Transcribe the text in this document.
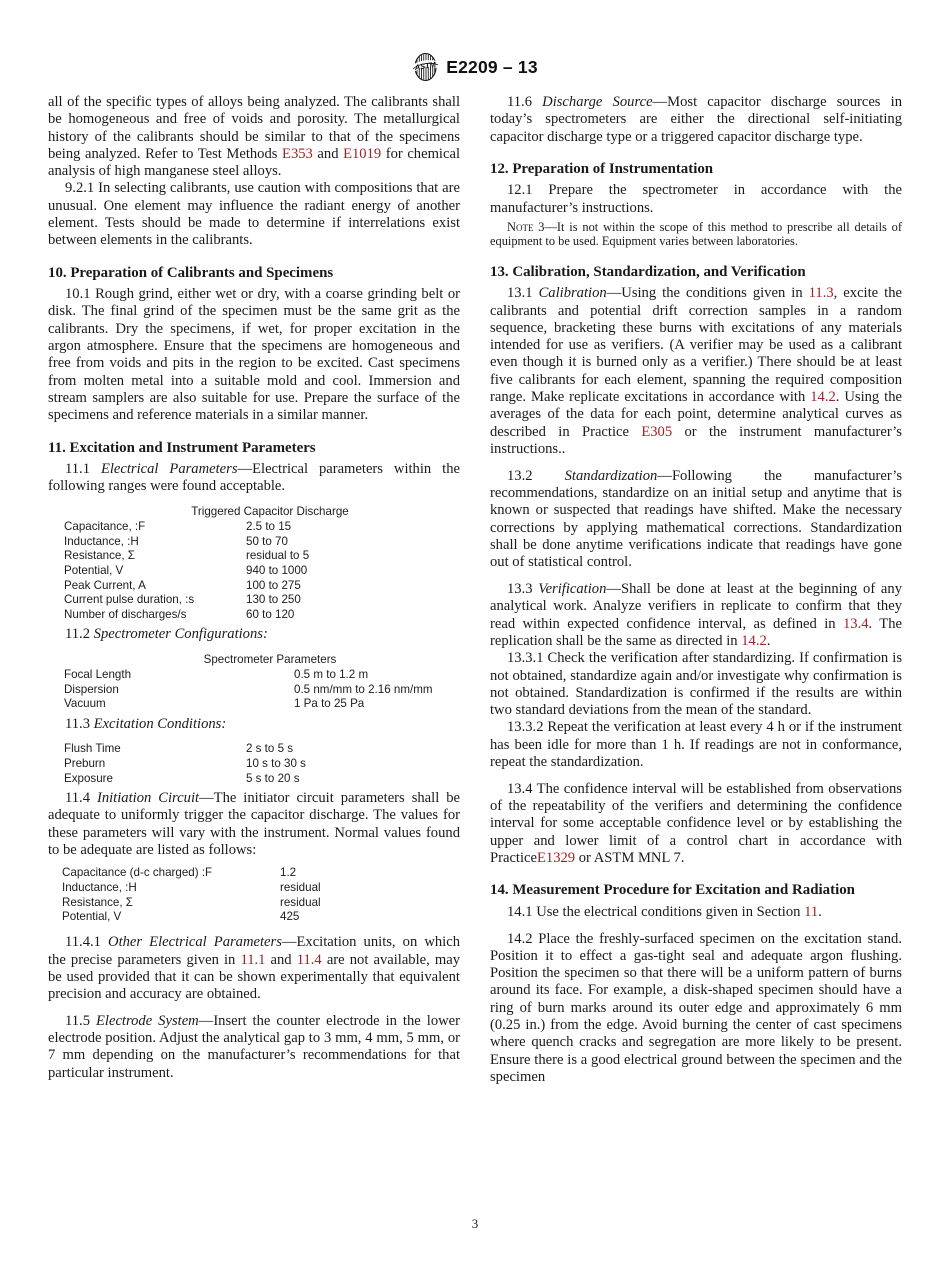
ASTM E2209 – 13

all of the specific types of alloys being analyzed. The calibrants shall be homogeneous and free of voids and porosity. The metallurgical history of the calibrants should be similar to that of the specimens being analyzed. Refer to Test Methods E353 and E1019 for chemical analysis of high manganese steel alloys.

9.2.1 In selecting calibrants, use caution with compositions that are unusual. One element may influence the radiant energy of another element. Tests should be made to determine if interrelations exist between elements in the calibrants.

10. Preparation of Calibrants and Specimens

10.1 Rough grind, either wet or dry, with a coarse grinding belt or disk. The final grind of the specimen must be the same grit as the calibrants. Dry the specimens, if wet, for proper excitation in the argon atmosphere. Ensure that the specimens are homogeneous and free from voids and pits in the region to be excited. Cast specimens from molten metal into a suitable mold and cool. Immersion and stream samplers are also suitable for use. Prepare the surface of the specimens and reference materials in a similar manner.

11. Excitation and Instrument Parameters

11.1 Electrical Parameters—Electrical parameters within the following ranges were found acceptable.

Triggered Capacitor Discharge	
Capacitance, :F	2.5 to 15
Inductance, :H	50 to 70
Resistance, Σ	residual to 5
Potential, V	940 to 1000
Peak Current, A	100 to 275
Current pulse duration, :s	130 to 250
Number of discharges/s	60 to 120

11.2 Spectrometer Configurations:

Spectrometer Parameters	
Focal Length	0.5 m to 1.2 m
Dispersion	0.5 nm/mm to 2.16 nm/mm
Vacuum	1 Pa to 25 Pa

11.3 Excitation Conditions:

Flush Time	2 s to 5 s
Preburn	10 s to 30 s
Exposure	5 s to 20 s

11.4 Initiation Circuit—The initiator circuit parameters shall be adequate to uniformly trigger the capacitor discharge. The values for these parameters will vary with the instrument. Normal values found to be adequate are listed as follows:

Capacitance (d-c charged) :F	1.2
Inductance, :H	residual
Resistance, Σ	residual
Potential, V	425

11.4.1 Other Electrical Parameters—Excitation units, on which the precise parameters given in 11.1 and 11.4 are not available, may be used provided that it can be shown experimentally that equivalent precision and accuracy are obtained.

11.5 Electrode System—Insert the counter electrode in the lower electrode position. Adjust the analytical gap to 3 mm, 4 mm, 5 mm, or 7 mm depending on the manufacturer’s recommendations for that particular instrument.

11.6 Discharge Source—Most capacitor discharge sources in today’s spectrometers are either the directional self-initiating capacitor discharge type or a triggered capacitor discharge type.

12. Preparation of Instrumentation

12.1 Prepare the spectrometer in accordance with the manufacturer’s instructions.

Note 3—It is not within the scope of this method to prescribe all details of equipment to be used. Equipment varies between laboratories.

13. Calibration, Standardization, and Verification

13.1 Calibration—Using the conditions given in 11.3, excite the calibrants and potential drift correction samples in a random sequence, bracketing these burns with excitations of any materials intended for use as verifiers. (A verifier may be used as a calibrant even though it is burned only as a verifier.) There should be at least five calibrants for each element, spanning the required composition range. Make replicate excitations in accordance with 14.2. Using the averages of the data for each point, determine analytical curves as described in Practice E305 or the instrument manufacturer’s instructions..

13.2 Standardization—Following the manufacturer’s recommendations, standardize on an initial setup and anytime that is known or suspected that readings have shifted. Make the necessary corrections by applying mathematical corrections. Standardization shall be done anytime verifications indicate that readings have gone out of statistical control.

13.3 Verification—Shall be done at least at the beginning of any analytical work. Analyze verifiers in replicate to confirm that they read within expected confidence interval, as defined in 13.4. The replication shall be the same as directed in 14.2.

13.3.1 Check the verification after standardizing. If confirmation is not obtained, standardize again and/or investigate why confirmation is not obtained. Standardization is confirmed if the results are within two standard deviations from the mean of the standard.

13.3.2 Repeat the verification at least every 4 h or if the instrument has been idle for more than 1 h. If readings are not in conformance, repeat the standardization.

13.4 The confidence interval will be established from observations of the repeatability of the verifiers and determining the confidence interval for some acceptable confidence level or by establishing the upper and lower limit of a control chart in accordance with PracticeE1329 or ASTM MNL 7.

14. Measurement Procedure for Excitation and Radiation

14.1 Use the electrical conditions given in Section 11.

14.2 Place the freshly-surfaced specimen on the excitation stand. Position it to effect a gas-tight seal and adequate argon flushing. Position the specimen so that there will be a uniform pattern of burns around its face. For example, a disk-shaped specimen should have a ring of burn marks around its outer edge and approximately 6 mm (0.25 in.) from the edge. Avoid burning the center of cast specimens where quench cracks and segregation are more likely to be present. Ensure there is a good electrical ground between the specimen and the specimen

3
